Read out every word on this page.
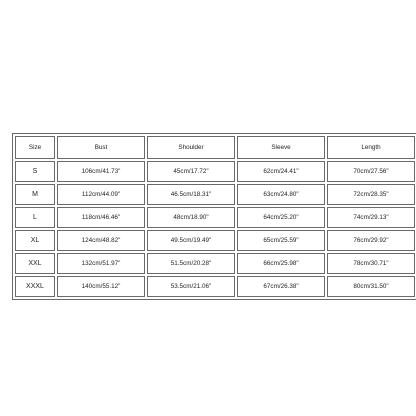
Size	Bust	Shoulder	Sleeve	Length
S	106cm/41.73"	45cm/17.72"	62cm/24.41"	70cm/27.56"
M	112cm/44.09"	46.5cm/18.31"	63cm/24.80"	72cm/28.35"
L	118cm/46.46"	48cm/18.90"	64cm/25.20"	74cm/29.13"
XL	124cm/48.82"	49.5cm/19.49"	65cm/25.59"	76cm/29.92"
XXL	132cm/51.97"	51.5cm/20.28"	66cm/25.98"	78cm/30.71"
XXXL	140cm/55.12"	53.5cm/21.06"	67cm/26.38"	80cm/31.50"
